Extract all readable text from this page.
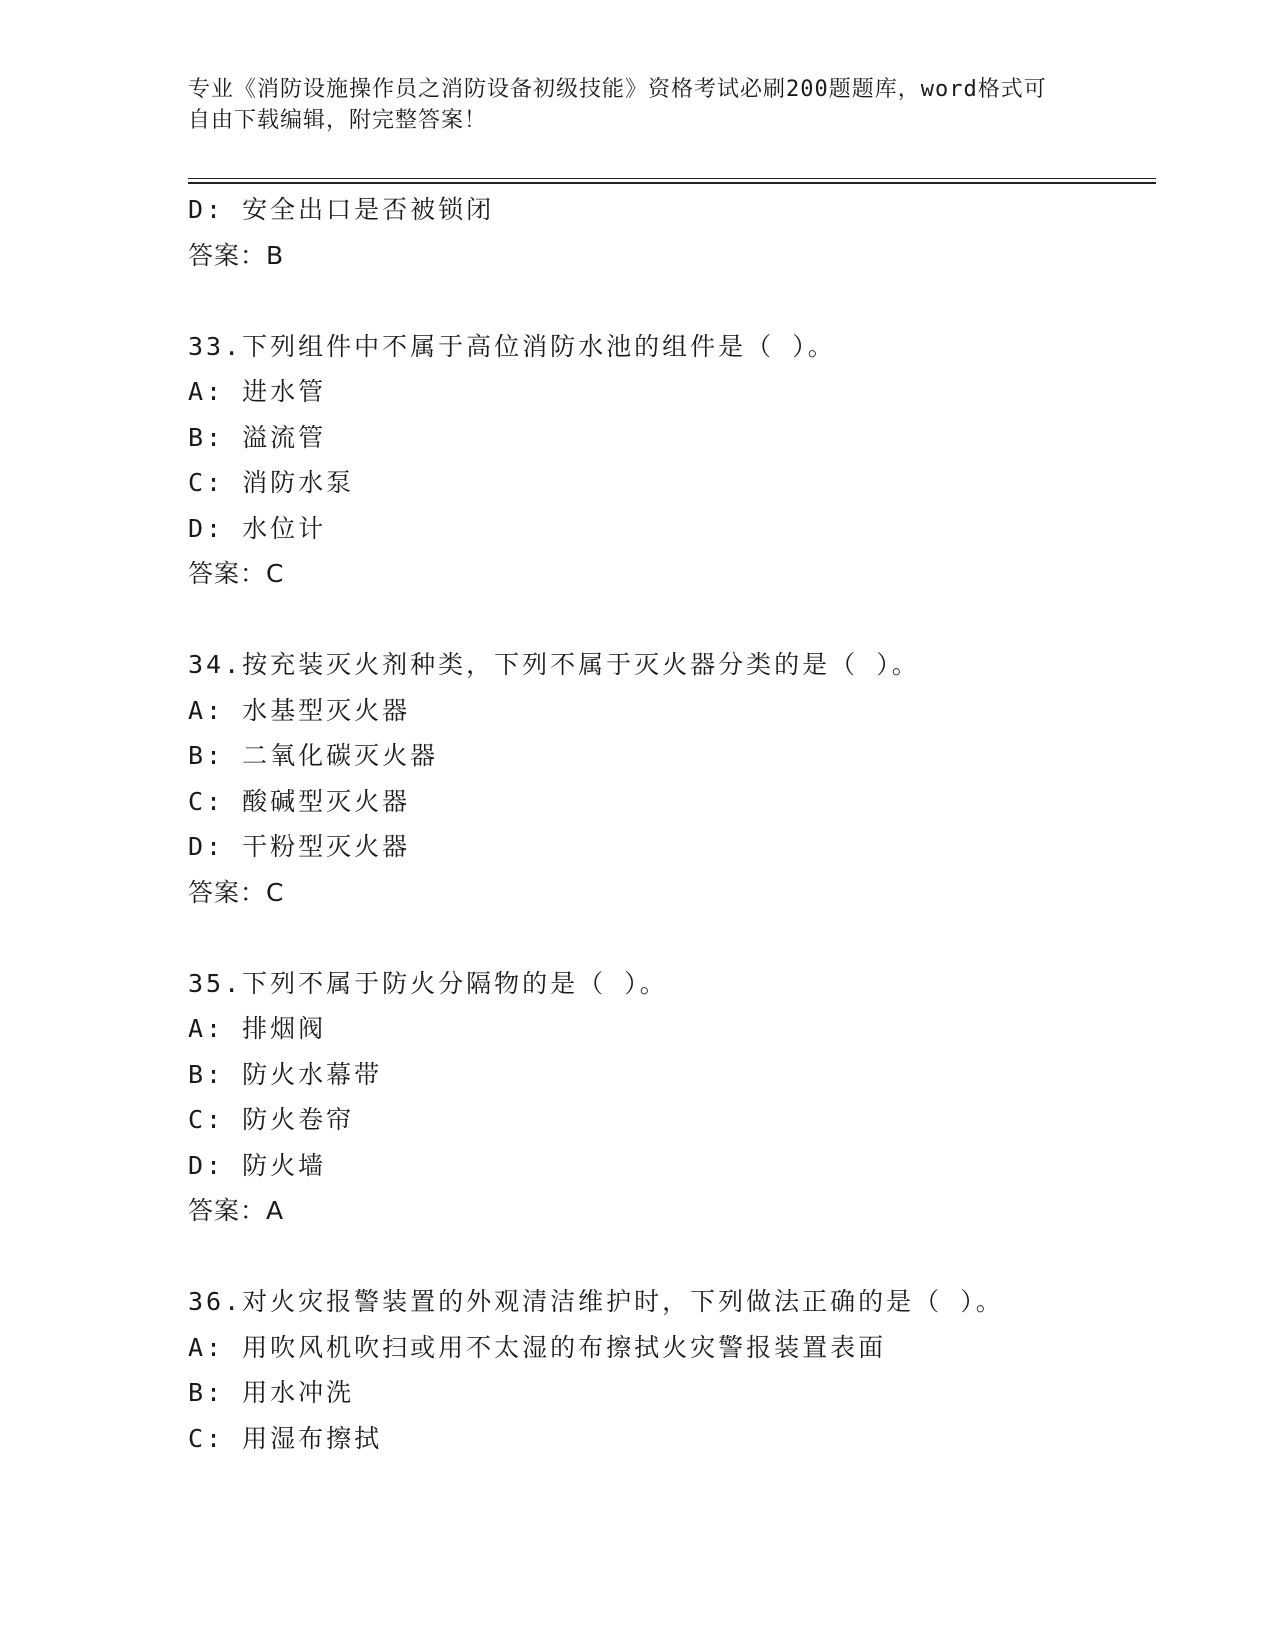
专业《消防设施操作员之消防设备初级技能》资格考试必刷200题题库，word格式可自由下载编辑，附完整答案！
D: 安全出口是否被锁闭
答案：B
33.下列组件中不属于高位消防水池的组件是（ ）。
A: 进水管
B: 溢流管
C: 消防水泵
D: 水位计
答案：C
34.按充装灭火剂种类，下列不属于灭火器分类的是（ ）。
A: 水基型灭火器
B: 二氧化碳灭火器
C: 酸碱型灭火器
D: 干粉型灭火器
答案：C
35.下列不属于防火分隔物的是（ ）。
A: 排烟阀
B: 防火水幕带
C: 防火卷帘
D: 防火墙
答案：A
36.对火灾报警装置的外观清洁维护时，下列做法正确的是（ ）。
A: 用吹风机吹扫或用不太湿的布擦拭火灾警报装置表面
B: 用水冲洗
C: 用湿布擦拭
